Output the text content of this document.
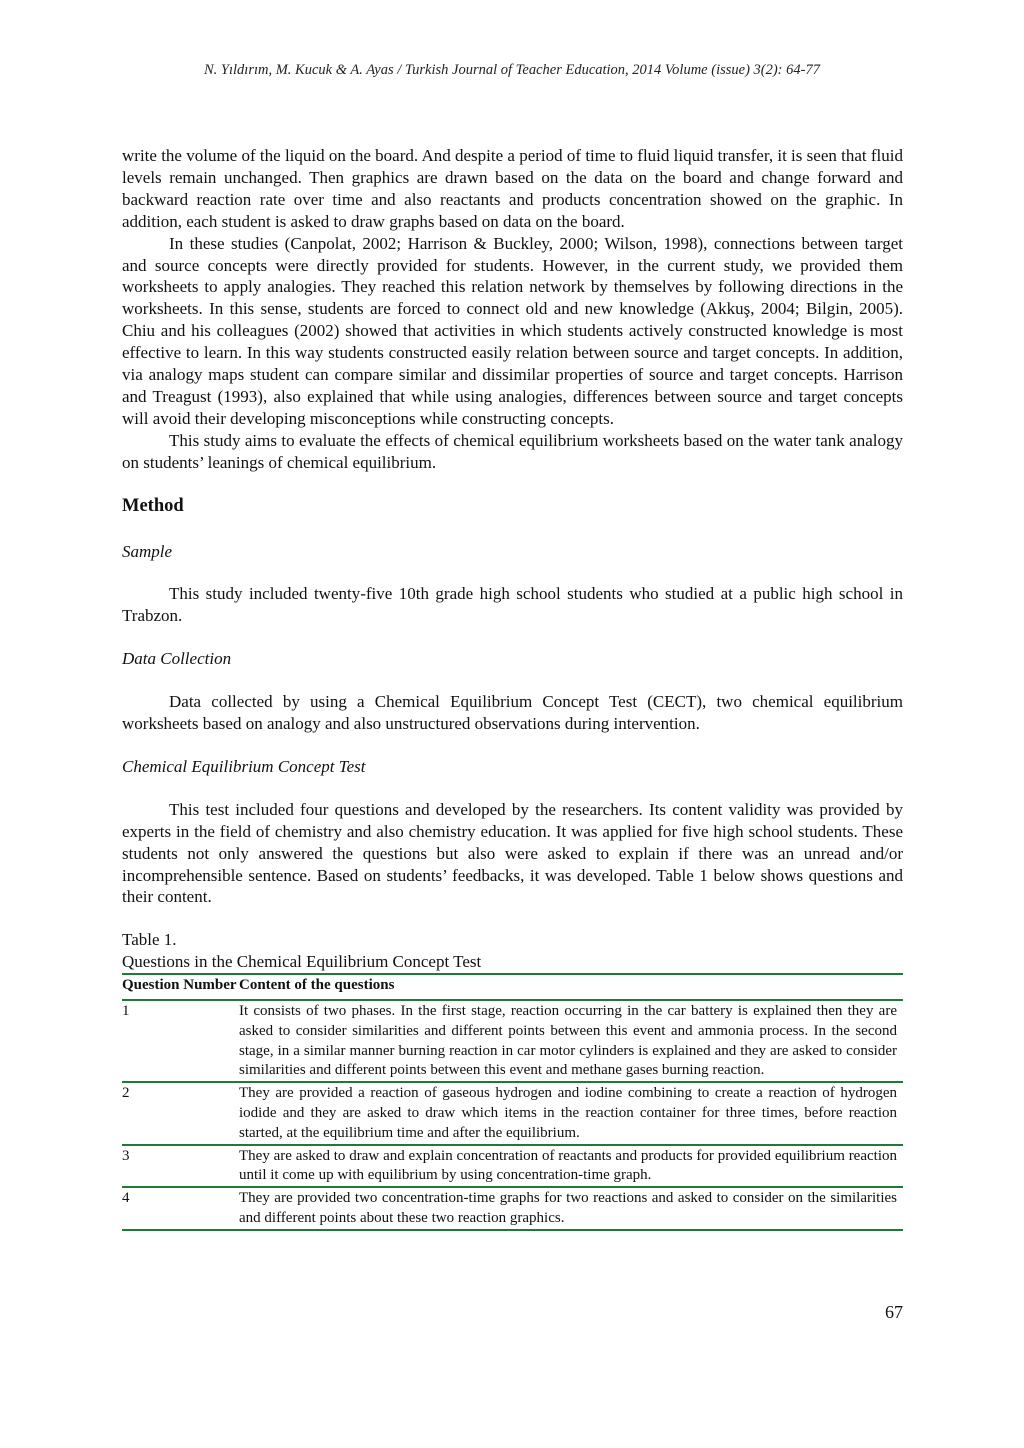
N. Yıldırım, M. Kucuk & A. Ayas / Turkish Journal of Teacher Education, 2014 Volume (issue) 3(2): 64-77

write the volume of the liquid on the board. And despite a period of time to fluid liquid transfer, it is seen that fluid levels remain unchanged. Then graphics are drawn based on the data on the board and change forward and backward reaction rate over time and also reactants and products concentration showed on the graphic. In addition, each student is asked to draw graphs based on data on the board.

In these studies (Canpolat, 2002; Harrison & Buckley, 2000; Wilson, 1998), connections between target and source concepts were directly provided for students. However, in the current study, we provided them worksheets to apply analogies. They reached this relation network by themselves by following directions in the worksheets. In this sense, students are forced to connect old and new knowledge (Akkuş, 2004; Bilgin, 2005). Chiu and his colleagues (2002) showed that activities in which students actively constructed knowledge is most effective to learn. In this way students constructed easily relation between source and target concepts. In addition, via analogy maps student can compare similar and dissimilar properties of source and target concepts. Harrison and Treagust (1993), also explained that while using analogies, differences between source and target concepts will avoid their developing misconceptions while constructing concepts.

This study aims to evaluate the effects of chemical equilibrium worksheets based on the water tank analogy on students’ leanings of chemical equilibrium.

Method

Sample

This study included twenty-five 10th grade high school students who studied at a public high school in Trabzon.

Data Collection

Data collected by using a Chemical Equilibrium Concept Test (CECT), two chemical equilibrium worksheets based on analogy and also unstructured observations during intervention.

Chemical Equilibrium Concept Test

This test included four questions and developed by the researchers. Its content validity was provided by experts in the field of chemistry and also chemistry education. It was applied for five high school students. These students not only answered the questions but also were asked to explain if there was an unread and/or incomprehensible sentence. Based on students’ feedbacks, it was developed. Table 1 below shows questions and their content.

Table 1.

Questions in the Chemical Equilibrium Concept Test

Question Number	Content of the questions
1	It consists of two phases. In the first stage, reaction occurring in the car battery is explained then they are asked to consider similarities and different points between this event and ammonia process. In the second stage, in a similar manner burning reaction in car motor cylinders is explained and they are asked to consider similarities and different points between this event and methane gases burning reaction.
2	They are provided a reaction of gaseous hydrogen and iodine combining to create a reaction of hydrogen iodide and they are asked to draw which items in the reaction container for three times, before reaction started, at the equilibrium time and after the equilibrium.
3	They are asked to draw and explain concentration of reactants and products for provided equilibrium reaction until it come up with equilibrium by using concentration-time graph.
4	They are provided two concentration-time graphs for two reactions and asked to consider on the similarities and different points about these two reaction graphics.
67
